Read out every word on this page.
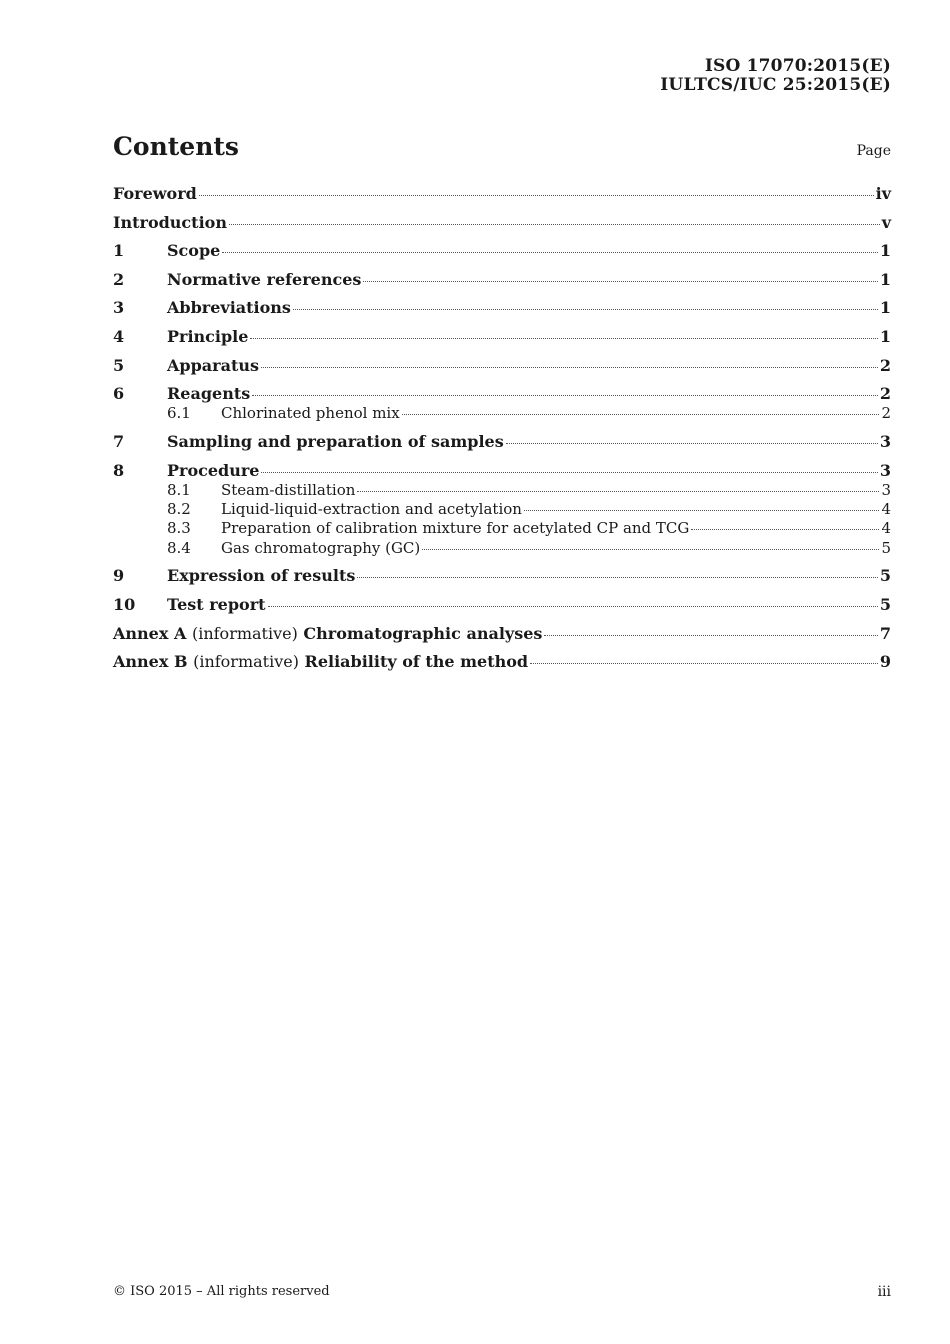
ISO 17070:2015(E)
IULTCS/IUC 25:2015(E)
Contents	Page
Foreword	iv
Introduction	v
1	Scope	1
2	Normative references	1
3	Abbreviations	1
4	Principle	1
5	Apparatus	2
6	Reagents	2
6.1	Chlorinated phenol mix	2
7	Sampling and preparation of samples	3
8	Procedure	3
8.1	Steam-distillation	3
8.2	Liquid-liquid-extraction and acetylation	4
8.3	Preparation of calibration mixture for acetylated CP and TCG	4
8.4	Gas chromatography (GC)	5
9	Expression of results	5
10	Test report	5
Annex A (informative) Chromatographic analyses	7
Annex B (informative) Reliability of the method	9
© ISO 2015 – All rights reserved	iii
